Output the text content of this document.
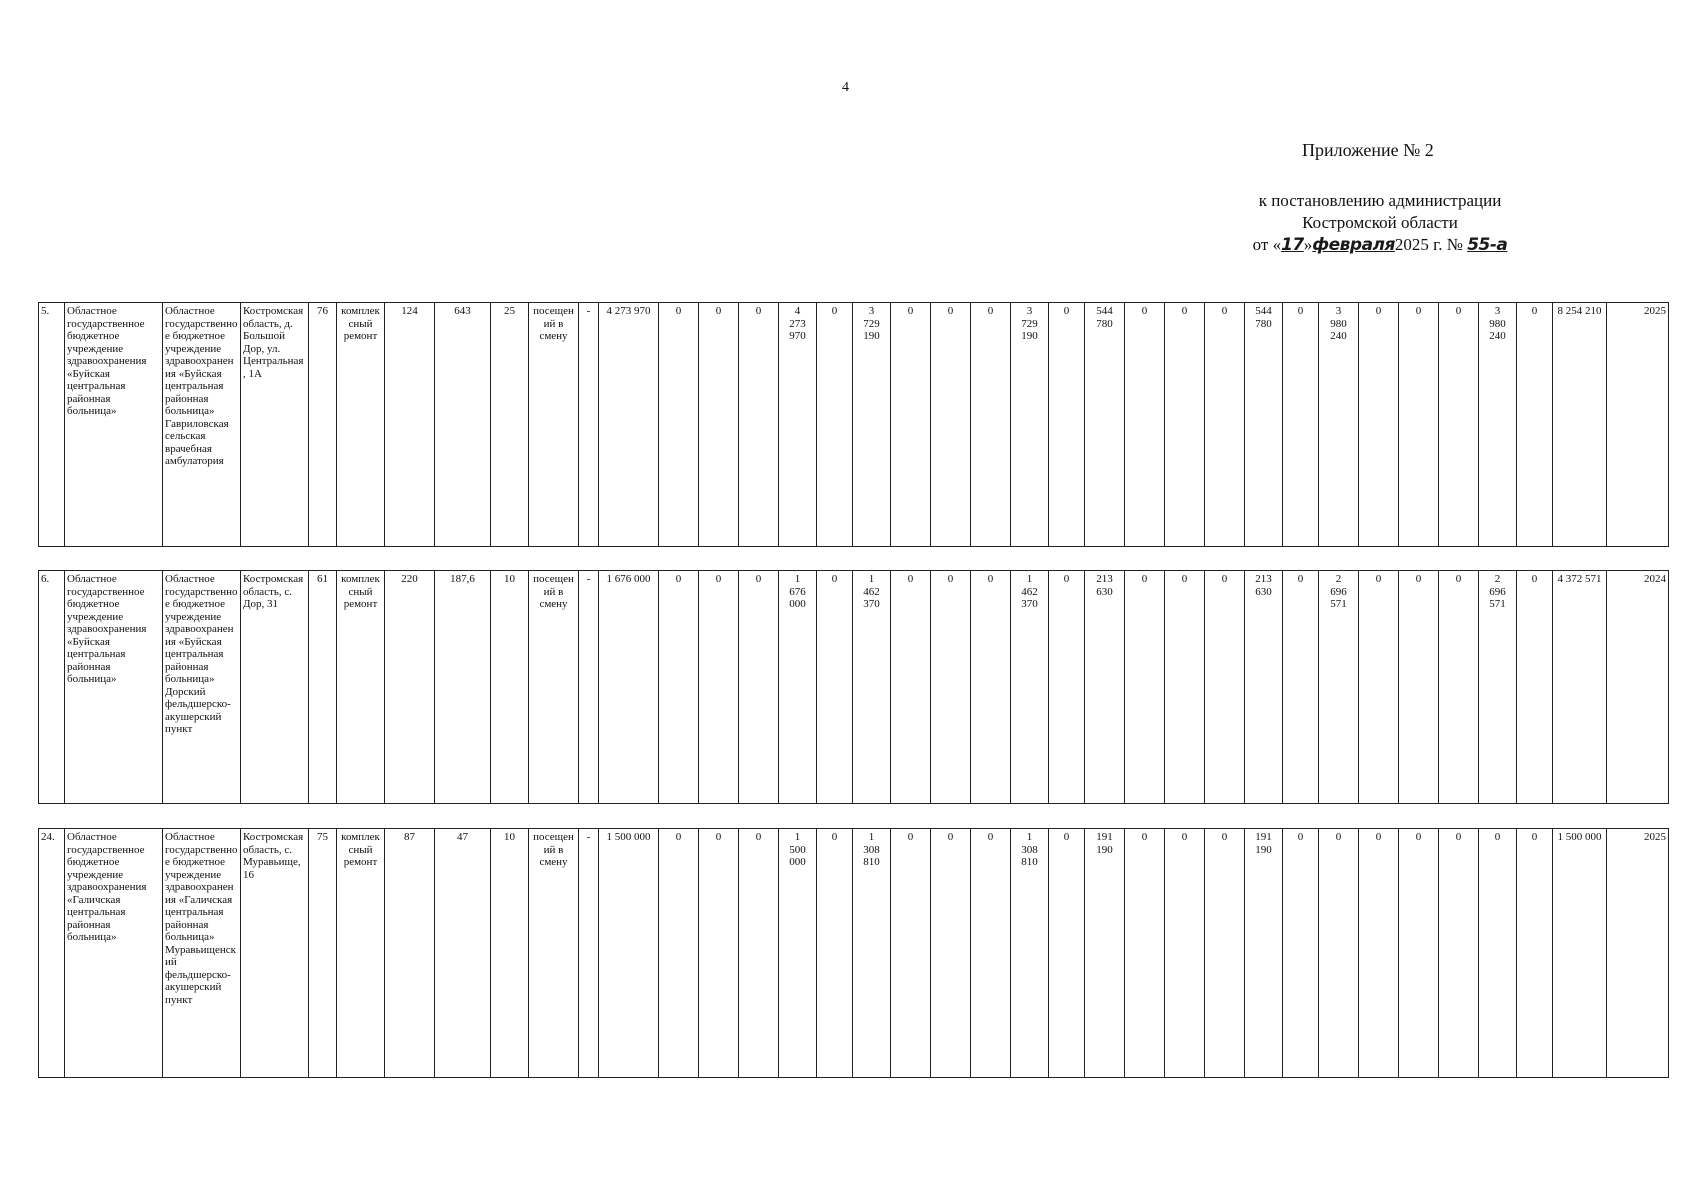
4
Приложение № 2
к постановлению администрации
Костромской области
от «17»февраля2025 г. № 55-а
5.	Областное государственное бюджетное учреждение здравоохранения «Буйская центральная районная больница»	Областное государственное бюджетное учреждение здравоохранения «Буйская центральная районная больница» Гавриловская сельская врачебная амбулатория	Костромская область, д. Большой Дор, ул. Центральная, 1А	76	комплексный ремонт	124	643	25	посещений в смену	-	4 273 970	0	0	0	4
273
970
	0	3
729
190
	0	0	0	3
729
190
	0	544 780	0	0	0	544 780	0	3
980
240
	0	0	0	3
980
240
	0	8 254 210	2025
6.	Областное государственное бюджетное учреждение здравоохранения «Буйская центральная районная больница»	Областное государственное бюджетное учреждение здравоохранения «Буйская центральная районная больница» Дорский фельдшерско-акушерский пункт	Костромская область, с. Дор, 31	61	комплексный ремонт	220	187,6	10	посещений в смену	-	1 676 000	0	0	0	1
676
000
	0	1
462
370
	0	0	0	1
462
370
	0	213 630	0	0	0	213 630	0	2
696
571
	0	0	0	2
696
571
	0	4 372 571	2024
24.	Областное государственное бюджетное учреждение здравоохранения «Галичская центральная районная больница»	Областное государственное бюджетное учреждение здравоохранения «Галичская центральная районная больница» Муравьищенский фельдшерско-акушерский пункт	Костромская область, с. Муравьище, 16	75	комплексный ремонт	87	47	10	посещений в смену	-	1 500 000	0	0	0	1
500
000
	0	1
308
810
	0	0	0	1
308
810
	0	191 190	0	0	0	191 190	0	0	0	0	0	0	0	1 500 000	2025
